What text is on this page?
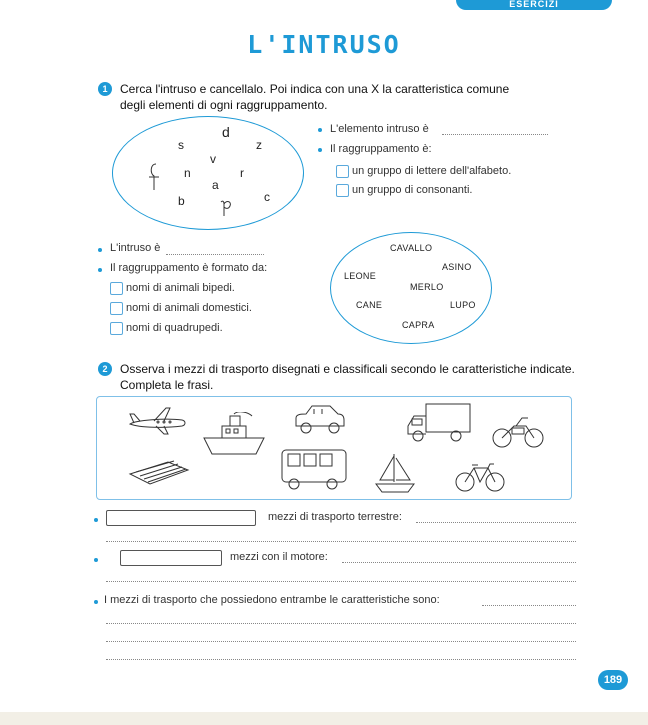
ESERCIZI
L'INTRUSO
1	Cerca l'intruso e cancellalo. Poi indica con una X la caratteristica comune
degli elementi di ogni raggruppamento.
s
d
z
v
n	r
a
b	c
L'elemento intruso è
Il raggruppamento è:
un gruppo di lettere dell'alfabeto.
un gruppo di consonanti.
L'intruso è
Il raggruppamento è formato da:
nomi di animali bipedi.
nomi di animali domestici.
nomi di quadrupedi.
CAVALLO
ASINO
LEONE
MERLO
CANE	LUPO
CAPRA
2	Osserva i mezzi di trasporto disegnati e classificali secondo le caratteristiche indicate.
Completa le frasi.
mezzi di trasporto terrestre:
mezzi con il motore:
I mezzi di trasporto che possiedono entrambe le caratteristiche sono:
189
